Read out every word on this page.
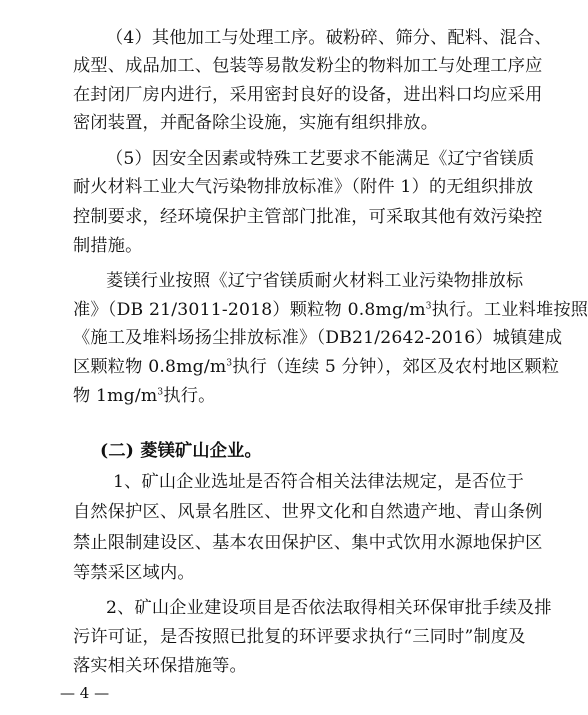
（4）其他加工与处理工序。破粉碎、筛分、配料、混合、
成型、成品加工、包装等易散发粉尘的物料加工与处理工序应
在封闭厂房内进行，采用密封良好的设备，进出料口均应采用
密闭装置，并配备除尘设施，实施有组织排放。
（5）因安全因素或特殊工艺要求不能满足《辽宁省镁质
耐火材料工业大气污染物排放标准》（附件 1）的无组织排放
控制要求，经环境保护主管部门批准，可采取其他有效污染控
制措施。
菱镁行业按照《辽宁省镁质耐火材料工业污染物排放标
准》（DB 21/3011-2018）颗粒物 $0.8mg/m^3$执行。工业料堆按照
《施工及堆料场扬尘排放标准》（DB21/2642-2016）城镇建成
区颗粒物 $0.8mg/m^3$执行（连续 5 分钟），郊区及农村地区颗粒
物 $1mg/m^3$执行。
(二) 菱镁矿山企业。
1、矿山企业选址是否符合相关法律法规定，是否位于
自然保护区、风景名胜区、世界文化和自然遗产地、青山条例
禁止限制建设区、基本农田保护区、集中式饮用水源地保护区
等禁采区域内。
2、矿山企业建设项目是否依法取得相关环保审批手续及排
污许可证，是否按照已批复的环评要求执行“三同时”制度及
落实相关环保措施等。
— 4 —
